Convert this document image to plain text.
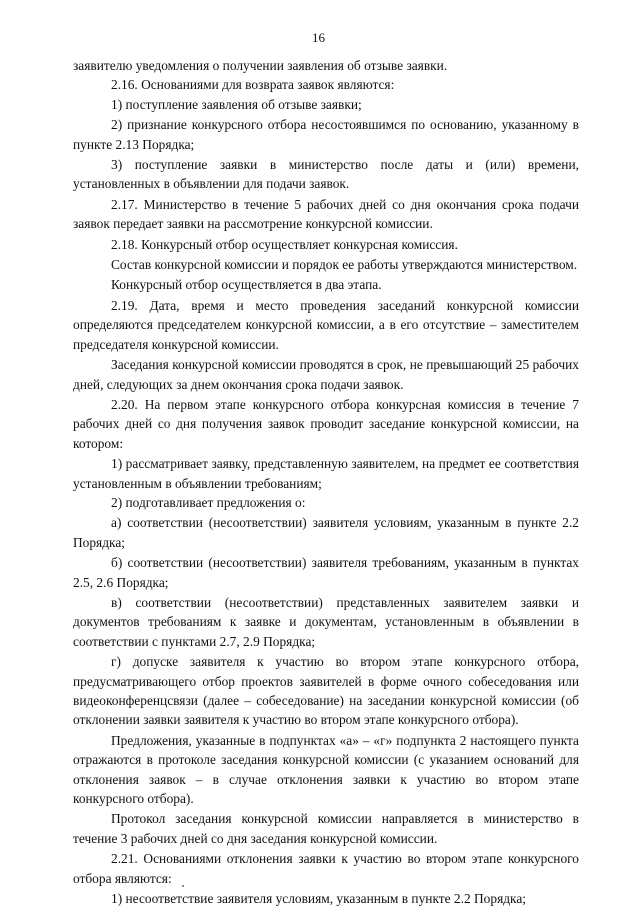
16

заявителю уведомления о получении заявления об отзыве заявки.

2.16. Основаниями для возврата заявок являются:

1) поступление заявления об отзыве заявки;

2) признание конкурсного отбора несостоявшимся по основанию, указанному в пункте 2.13 Порядка;

3) поступление заявки в министерство после даты и (или) времени, установленных в объявлении для подачи заявок.

2.17. Министерство в течение 5 рабочих дней со дня окончания срока подачи заявок передает заявки на рассмотрение конкурсной комиссии.

2.18. Конкурсный отбор осуществляет конкурсная комиссия.

Состав конкурсной комиссии и порядок ее работы утверждаются министерством.

Конкурсный отбор осуществляется в два этапа.

2.19. Дата, время и место проведения заседаний конкурсной комиссии определяются председателем конкурсной комиссии, а в его отсутствие – заместителем председателя конкурсной комиссии.

Заседания конкурсной комиссии проводятся в срок, не превышающий 25 рабочих дней, следующих за днем окончания срока подачи заявок.

2.20. На первом этапе конкурсного отбора конкурсная комиссия в течение 7 рабочих дней со дня получения заявок проводит заседание конкурсной комиссии, на котором:

1) рассматривает заявку, представленную заявителем, на предмет ее соответствия установленным в объявлении требованиям;

2) подготавливает предложения о:

а) соответствии (несоответствии) заявителя условиям, указанным в пункте 2.2 Порядка;

б) соответствии (несоответствии) заявителя требованиям, указанным в пунктах 2.5, 2.6 Порядка;

в) соответствии (несоответствии) представленных заявителем заявки и документов требованиям к заявке и документам, установленным в объявлении в соответствии с пунктами 2.7, 2.9 Порядка;

г) допуске заявителя к участию во втором этапе конкурсного отбора, предусматривающего отбор проектов заявителей в форме очного собеседования или видеоконференцсвязи (далее – собеседование) на заседании конкурсной комиссии (об отклонении заявки заявителя к участию во втором этапе конкурсного отбора).

Предложения, указанные в подпунктах «а» – «г» подпункта 2 настоящего пункта отражаются в протоколе заседания конкурсной комиссии (с указанием оснований для отклонения заявок – в случае отклонения заявки к участию во втором этапе конкурсного отбора).

Протокол заседания конкурсной комиссии направляется в министерство в течение 3 рабочих дней со дня заседания конкурсной комиссии.

2.21. Основаниями отклонения заявки к участию во втором этапе конкурсного отбора являются:

1) несоответствие заявителя условиям, указанным в пункте 2.2 Порядка;
